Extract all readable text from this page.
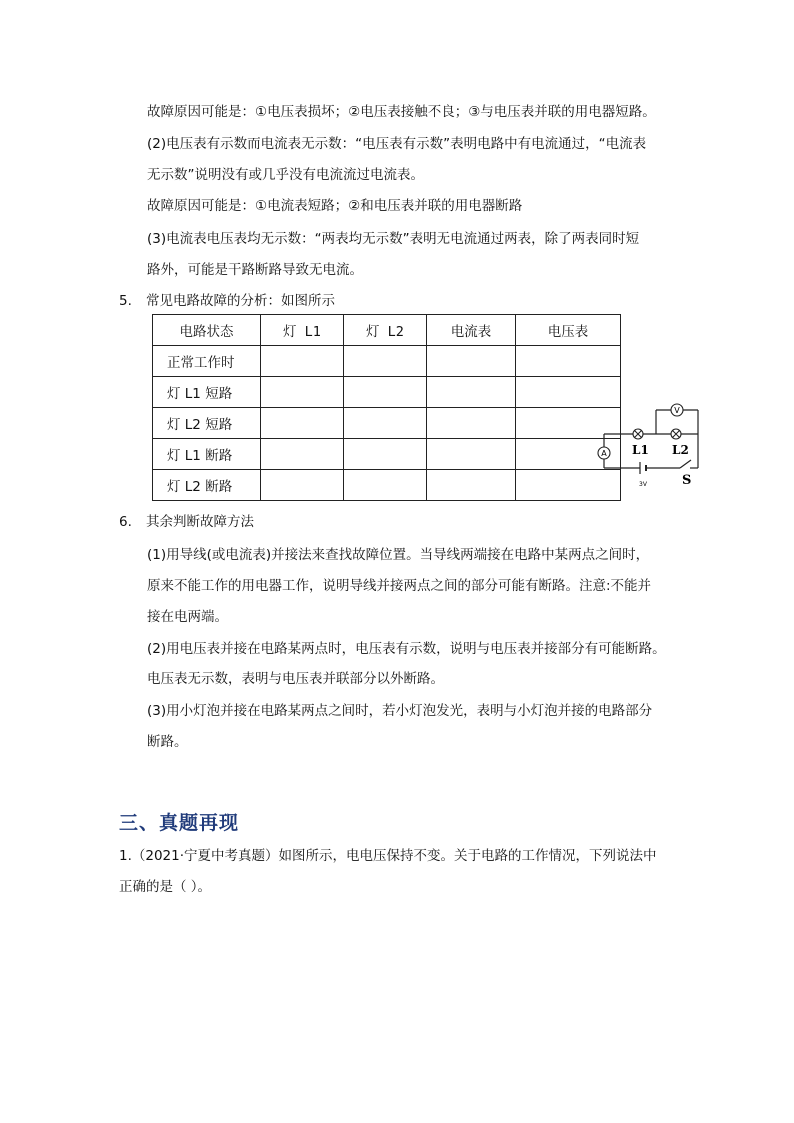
故障原因可能是：①电压表损坏；②电压表接触不良；③与电压表并联的用电器短路。
(2)电压表有示数而电流表无示数：“电压表有示数”表明电路中有电流通过，“电流表
无示数”说明没有或几乎没有电流流过电流表。
故障原因可能是：①电流表短路；②和电压表并联的用电器断路
(3)电流表电压表均无示数：“两表均无示数”表明无电流通过两表，除了两表同时短
路外，可能是干路断路导致无电流。
5. 常见电路故障的分析：如图所示
电路状态	灯 L1	灯 L2	电流表	电压表
正常工作时				
灯 L1 短路				
灯 L2 短路				
灯 L1 断路				
灯 L2 断路				
V
A L1 L2
3V	S
6. 其余判断故障方法
(1)用导线(或电流表)并接法来查找故障位置。当导线两端接在电路中某两点之间时，
原来不能工作的用电器工作，说明导线并接两点之间的部分可能有断路。注意:不能并
接在电两端。
(2)用电压表并接在电路某两点时，电压表有示数，说明与电压表并接部分有可能断路。
电压表无示数，表明与电压表并联部分以外断路。
(3)用小灯泡并接在电路某两点之间时，若小灯泡发光，表明与小灯泡并接的电路部分
断路。
三、真题再现
1.（2021·宁夏中考真题）如图所示，电电压保持不变。关于电路的工作情况，下列说法中
正确的是（ ）。
